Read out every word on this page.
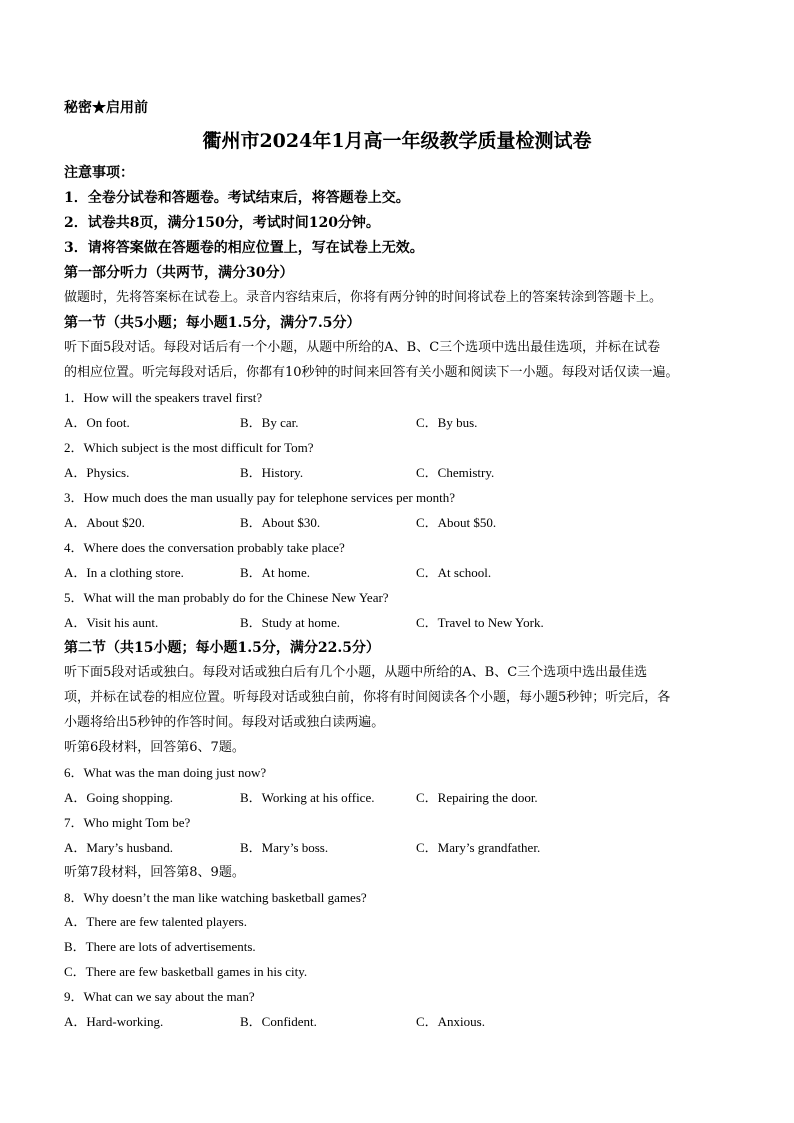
秘密★启用前
衢州市2024年1月高一年级教学质量检测试卷
注意事项：
1．全卷分试卷和答题卷。考试结束后，将答题卷上交。
2．试卷共8页，满分150分，考试时间120分钟。
3．请将答案做在答题卷的相应位置上，写在试卷上无效。
第一部分听力（共两节，满分30分）
做题时，先将答案标在试卷上。录音内容结束后，你将有两分钟的时间将试卷上的答案转涂到答题卡上。
第一节（共5小题；每小题1.5分，满分7.5分）
听下面5段对话。每段对话后有一个小题，从题中所给的A、B、C三个选项中选出最佳选项，并标在试卷
的相应位置。听完每段对话后，你都有10秒钟的时间来回答有关小题和阅读下一小题。每段对话仅读一遍。
1．How will the speakers travel first?
A．On foot.	B．By car.	C．By bus.
2．Which subject is the most difficult for Tom?
A．Physics.	B．History.	C．Chemistry.
3．How much does the man usually pay for telephone services per month?
A．About $20.	B．About $30.	C．About $50.
4．Where does the conversation probably take place?
A．In a clothing store.	B．At home.	C．At school.
5．What will the man probably do for the Chinese New Year?
A．Visit his aunt.	B．Study at home.	C．Travel to New York.
第二节（共15小题；每小题1.5分，满分22.5分）
听下面5段对话或独白。每段对话或独白后有几个小题，从题中所给的A、B、C三个选项中选出最佳选
项，并标在试卷的相应位置。听每段对话或独白前，你将有时间阅读各个小题，每小题5秒钟；听完后，各
小题将给出5秒钟的作答时间。每段对话或独白读两遍。
听第6段材料，回答第6、7题。
6．What was the man doing just now?
A．Going shopping.	B．Working at his office.	C．Repairing the door.
7．Who might Tom be?
A．Mary’s husband.	B．Mary’s boss.	C．Mary’s grandfather.
听第7段材料，回答第8、9题。
8．Why doesn’t the man like watching basketball games?
A．There are few talented players.
B．There are lots of advertisements.
C．There are few basketball games in his city.
9．What can we say about the man?
A．Hard-working.	B．Confident.	C．Anxious.
